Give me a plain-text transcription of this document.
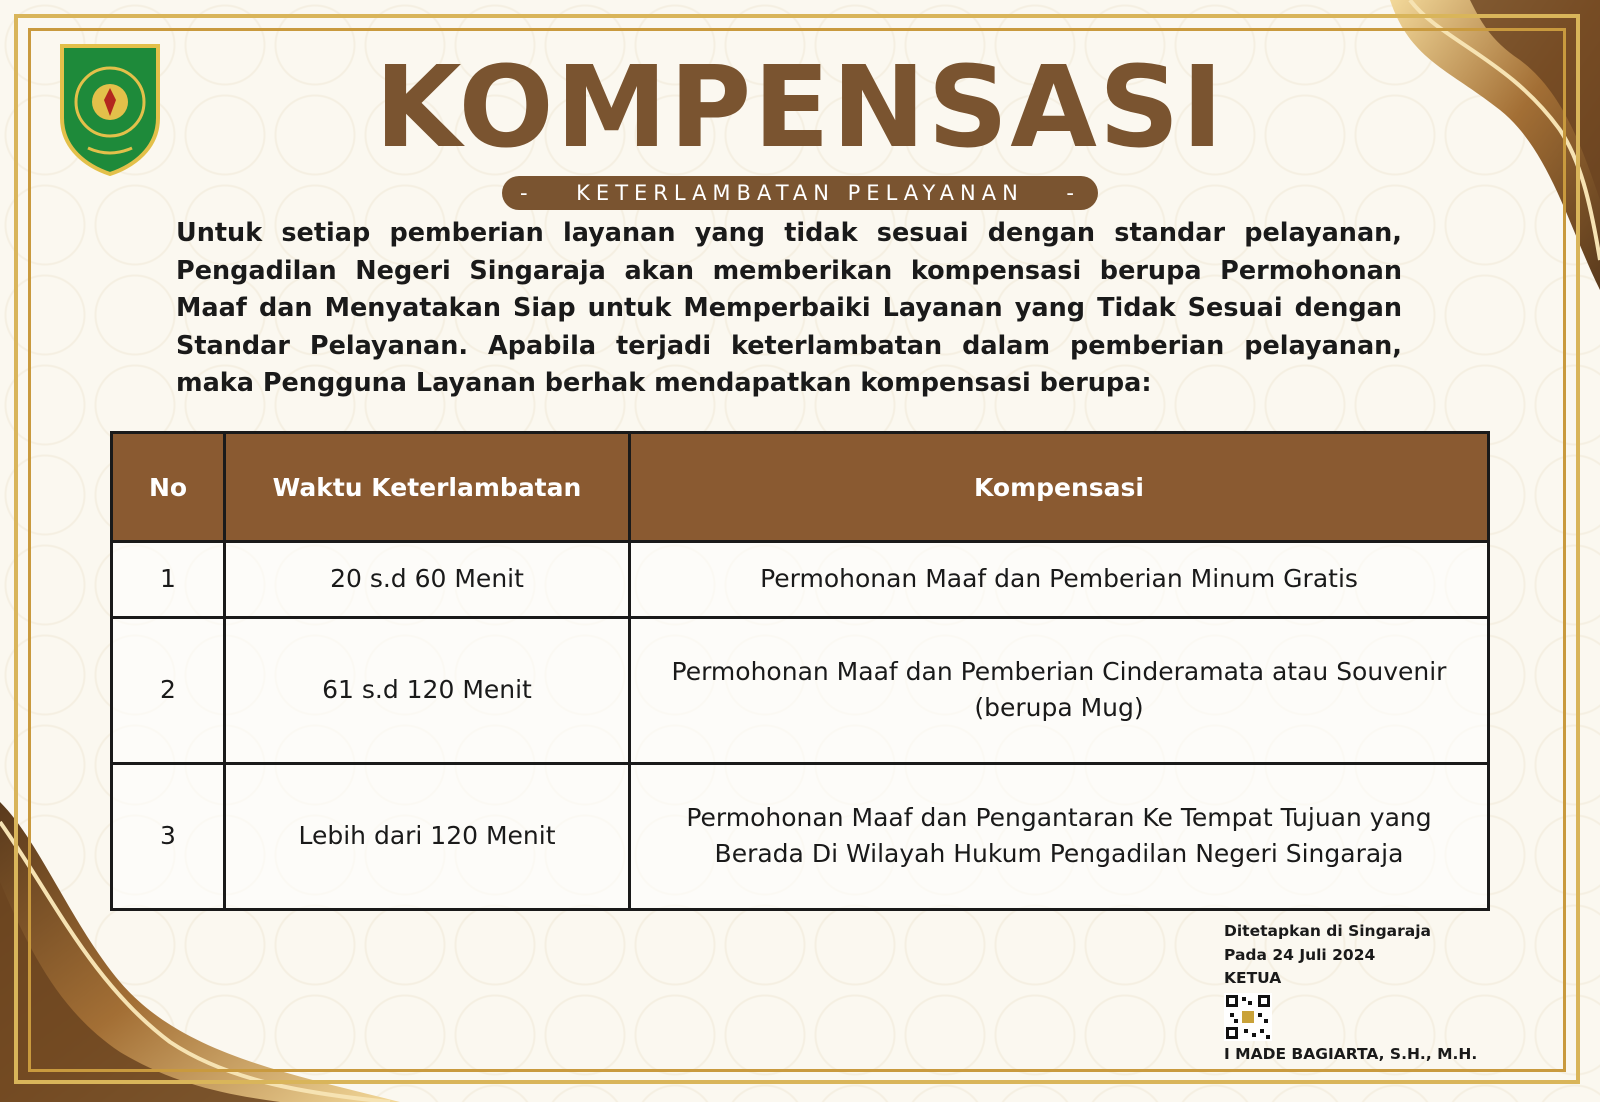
KOMPENSASI
- KETERLAMBATAN PELAYANAN -
Untuk setiap pemberian layanan yang tidak sesuai dengan standar pelayanan, Pengadilan Negeri Singaraja akan memberikan kompensasi berupa Permohonan Maaf dan Menyatakan Siap untuk Memperbaiki Layanan yang Tidak Sesuai dengan Standar Pelayanan. Apabila terjadi keterlambatan dalam pemberian pelayanan, maka Pengguna Layanan berhak mendapatkan kompensasi berupa:
No	Waktu Keterlambatan	Kompensasi
1	20 s.d 60 Menit	Permohonan Maaf dan Pemberian Minum Gratis
2	61 s.d 120 Menit	Permohonan Maaf dan Pemberian Cinderamata atau Souvenir (berupa Mug)
3	Lebih dari 120 Menit	Permohonan Maaf dan Pengantaran Ke Tempat Tujuan yang Berada Di Wilayah Hukum Pengadilan Negeri Singaraja
Ditetapkan di Singaraja
Pada 24 Juli 2024
KETUA
I MADE BAGIARTA, S.H., M.H.
